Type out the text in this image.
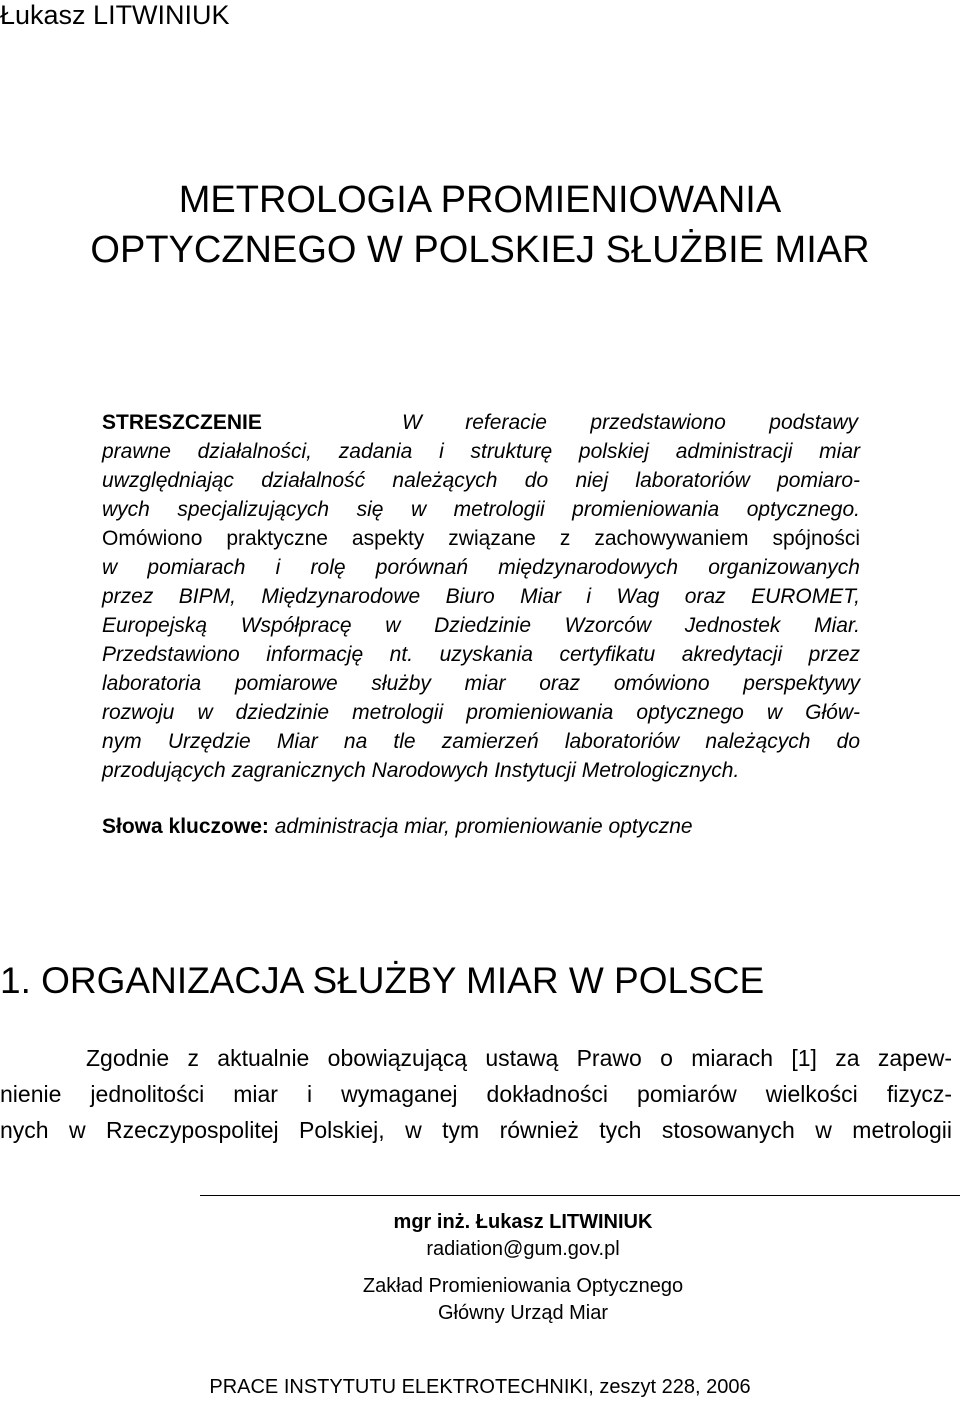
Łukasz LITWINIUK
METROLOGIA PROMIENIOWANIA
OPTYCZNEGO W POLSKIEJ SŁUŻBIE MIAR
STRESZCZENIE	W referacie przedstawiono podstawy
prawne działalności, zadania i strukturę polskiej administracji miar
uwzględniając działalność należących do niej laboratoriów pomiaro-
wych specjalizujących się w metrologii promieniowania optycznego.
Omówiono praktyczne aspekty związane z zachowywaniem spójności
w pomiarach i rolę porównań międzynarodowych organizowanych
przez BIPM, Międzynarodowe Biuro Miar i Wag oraz EUROMET,
Europejską Współpracę w Dziedzinie Wzorców Jednostek Miar.
Przedstawiono informację nt. uzyskania certyfikatu akredytacji przez
laboratoria pomiarowe służby miar oraz omówiono perspektywy
rozwoju w dziedzinie metrologii promieniowania optycznego w Głów-
nym Urzędzie Miar na tle zamierzeń laboratoriów należących do
przodujących zagranicznych Narodowych Instytucji Metrologicznych.
Słowa kluczowe: administracja miar, promieniowanie optyczne
1. ORGANIZACJA SŁUŻBY MIAR W POLSCE
Zgodnie z aktualnie obowiązującą ustawą Prawo o miarach [1] za zapew-
nienie jednolitości miar i wymaganej dokładności pomiarów wielkości fizycz-
nych w Rzeczypospolitej Polskiej, w tym również tych stosowanych w metrologii
mgr inż. Łukasz LITWINIUK
radiation@gum.gov.pl
Zakład Promieniowania Optycznego
Główny Urząd Miar
PRACE INSTYTUTU ELEKTROTECHNIKI, zeszyt 228, 2006
